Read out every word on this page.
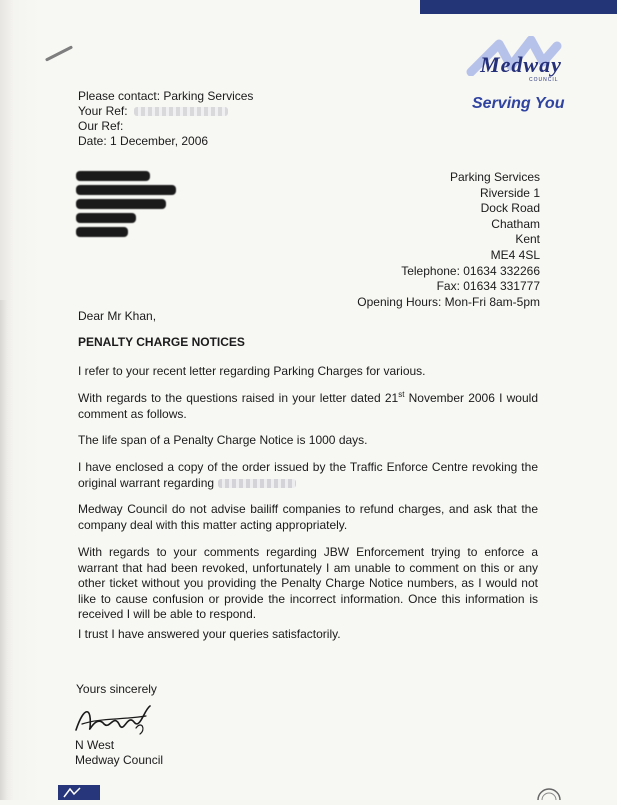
Medway
COUNCIL
Serving You
Please contact: Parking Services
Your Ref:
Our Ref:
Date: 1 December, 2006
Parking Services
Riverside 1
Dock Road
Chatham
Kent
ME4 4SL
Telephone: 01634 332266
Fax: 01634 331777
Opening Hours: Mon-Fri 8am-5pm
Dear Mr Khan,
PENALTY CHARGE NOTICES
I refer to your recent letter regarding Parking Charges for various.
With regards to the questions raised in your letter dated 21st November 2006 I would comment as follows.
The life span of a Penalty Charge Notice is 1000 days.
I have enclosed a copy of the order issued by the Traffic Enforce Centre revoking the original warrant regarding
Medway Council do not advise bailiff companies to refund charges, and ask that the company deal with this matter acting appropriately.
With regards to your comments regarding JBW Enforcement trying to enforce a warrant that had been revoked, unfortunately I am unable to comment on this or any other ticket without you providing the Penalty Charge Notice numbers, as I would not like to cause confusion or provide the incorrect information. Once this information is received I will be able to respond.
I trust I have answered your queries satisfactorily.
Yours sincerely
N West
Medway Council
